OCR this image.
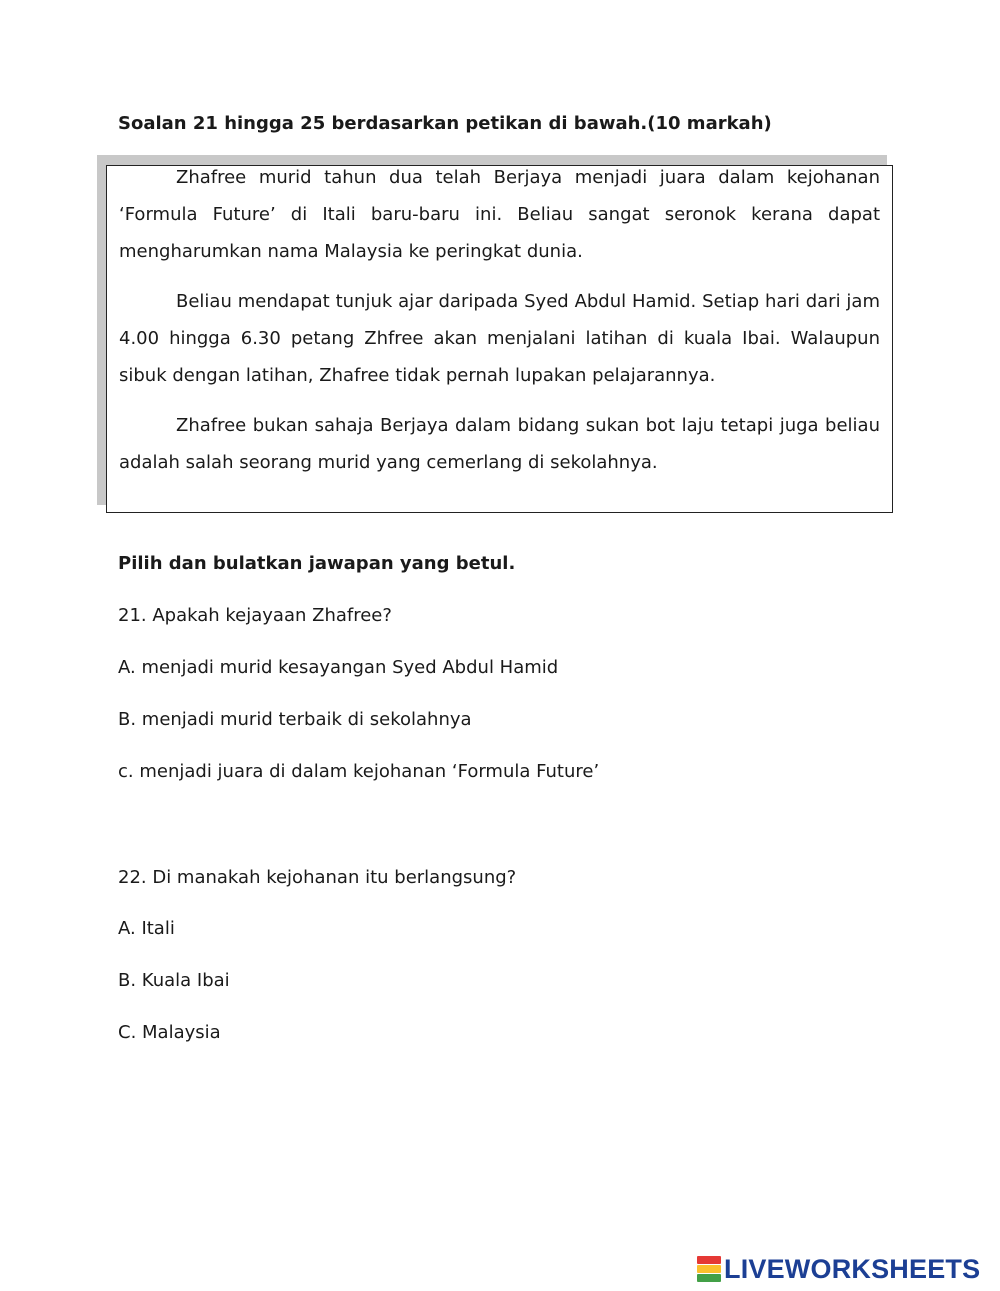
Soalan 21 hingga 25 berdasarkan petikan di bawah.(10 markah)

Zhafree murid tahun dua telah Berjaya menjadi juara dalam kejohanan ‘Formula Future’ di Itali baru-baru ini. Beliau sangat seronok kerana dapat mengharumkan nama Malaysia ke peringkat dunia.

Beliau mendapat tunjuk ajar daripada Syed Abdul Hamid. Setiap hari dari jam 4.00 hingga 6.30 petang Zhfree akan menjalani latihan di kuala Ibai. Walaupun sibuk dengan latihan, Zhafree tidak pernah lupakan pelajarannya.

Zhafree bukan sahaja Berjaya dalam bidang sukan bot laju tetapi juga beliau adalah salah seorang murid yang cemerlang di sekolahnya.

Pilih dan bulatkan jawapan yang betul.
21. Apakah kejayaan Zhafree?
A. menjadi murid kesayangan Syed Abdul Hamid
B. menjadi murid terbaik di sekolahnya
c. menjadi juara di dalam kejohanan ‘Formula Future’
22. Di manakah kejohanan itu berlangsung?
A. Itali
B. Kuala Ibai
C. Malaysia
LIVEWORKSHEETS
